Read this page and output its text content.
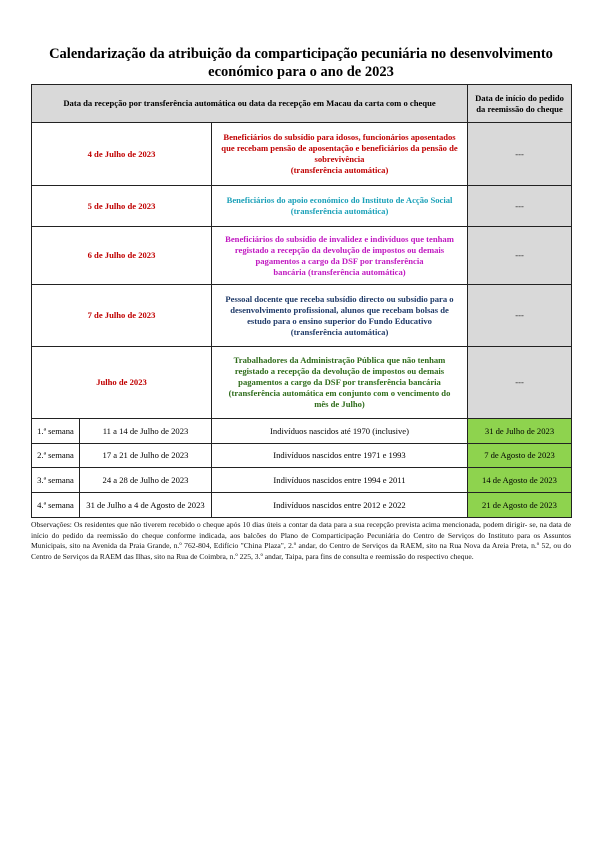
Calendarização da atribuição da comparticipação pecuniária no desenvolvimento
económico para o ano de 2023
Data da recepção por transferência automática ou data da recepção em Macau da carta com o cheque			Data de início do pedido
da reemissão do cheque

4 de Julho de 2023		Beneficiários do subsídio para idosos, funcionários aposentados
que recebam pensão de aposentação e beneficiários da pensão de
sobrevivência
(transferência automática)	---
5 de Julho de 2023		Beneficiários do apoio económico do Instituto de Acção Social
(transferência automática)	---
6 de Julho de 2023		Beneficiários do subsídio de invalidez e indivíduos que tenham
registado a recepção da devolução de impostos ou demais
pagamentos a cargo da DSF por transferência
bancária (transferência automática)	---
7 de Julho de 2023		Pessoal docente que receba subsídio directo ou subsídio para o
desenvolvimento profissional, alunos que recebam bolsas de
estudo para o ensino superior do Fundo Educativo
(transferência automática)	---
Julho de 2023		Trabalhadores da Administração Pública que não tenham
registado a recepção da devolução de impostos ou demais
pagamentos a cargo da DSF por transferência bancária
(transferência automática em conjunto com o vencimento do
mês de Julho)	---
1.ª semana	11 a 14 de Julho de 2023	Indivíduos nascidos até 1970 (inclusive)	31 de Julho de 2023
2.ª semana	17 a 21 de Julho de 2023	Indivíduos nascidos entre 1971 e 1993	7 de Agosto de 2023
3.ª semana	24 a 28 de Julho de 2023	Indivíduos nascidos entre 1994 e 2011	14 de Agosto de 2023
4.ª semana	31 de Julho a 4 de Agosto de 2023	Indivíduos nascidos entre 2012 e 2022	21 de Agosto de 2023
Observações: Os residentes que não tiverem recebido o cheque após 10 dias úteis a contar da data para a sua recepção prevista acima mencionada, podem dirigir- se, na data de início do pedido da reemissão do cheque conforme indicada, aos balcões do Plano de Comparticipação Pecuniária do Centro de Serviços do Instituto para os Assuntos Municipais, sito na Avenida da Praia Grande, n.º 762-804, Edifício "China Plaza", 2.º andar, do Centro de Serviços da RAEM, sito na Rua Nova da Areia Preta, n.º 52, ou do Centro de Serviços da RAEM das Ilhas, sito na Rua de Coimbra, n.º 225, 3.º andar, Taipa, para fins de consulta e reemissão do respectivo cheque.
